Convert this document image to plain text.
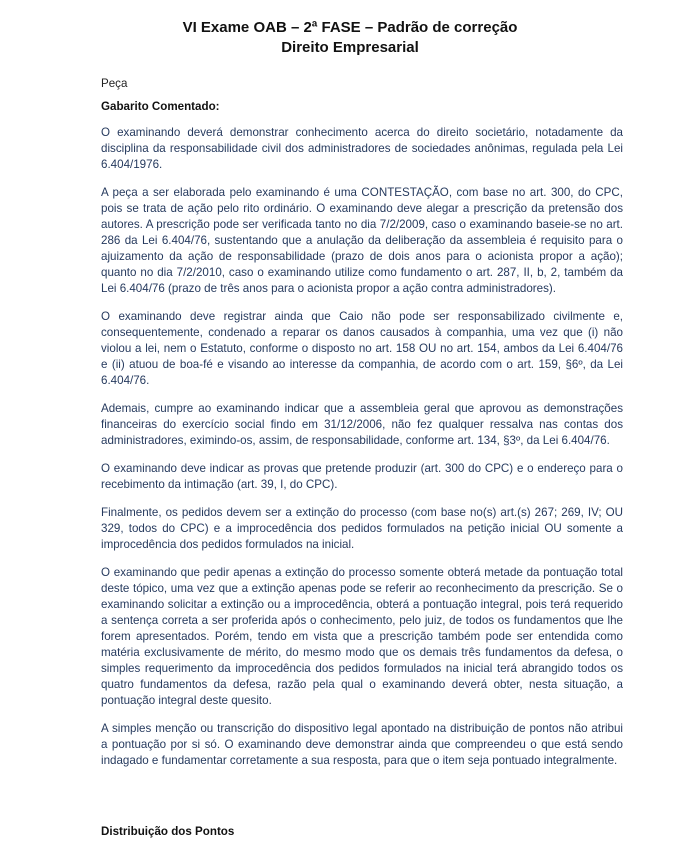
VI Exame OAB – 2ª FASE – Padrão de correção
Direito Empresarial
Peça
Gabarito Comentado:

O examinando deverá demonstrar conhecimento acerca do direito societário, notadamente da disciplina da responsabilidade civil dos administradores de sociedades anônimas, regulada pela Lei 6.404/1976.

A peça a ser elaborada pelo examinando é uma CONTESTAÇÃO, com base no art. 300, do CPC, pois se trata de ação pelo rito ordinário. O examinando deve alegar a prescrição da pretensão dos autores. A prescrição pode ser verificada tanto no dia 7/2/2009, caso o examinando baseie-se no art. 286 da Lei 6.404/76, sustentando que a anulação da deliberação da assembleia é requisito para o ajuizamento da ação de responsabilidade (prazo de dois anos para o acionista propor a ação); quanto no dia 7/2/2010, caso o examinando utilize como fundamento o art. 287, II, b, 2, também da Lei 6.404/76 (prazo de três anos para o acionista propor a ação contra administradores).

O examinando deve registrar ainda que Caio não pode ser responsabilizado civilmente e, consequentemente, condenado a reparar os danos causados à companhia, uma vez que (i) não violou a lei, nem o Estatuto, conforme o disposto no art. 158 OU no art. 154, ambos da Lei 6.404/76 e (ii) atuou de boa-fé e visando ao interesse da companhia, de acordo com o art. 159, §6º, da Lei 6.404/76.

Ademais, cumpre ao examinando indicar que a assembleia geral que aprovou as demonstrações financeiras do exercício social findo em 31/12/2006, não fez qualquer ressalva nas contas dos administradores, eximindo-os, assim, de responsabilidade, conforme art. 134, §3º, da Lei 6.404/76.

O examinando deve indicar as provas que pretende produzir (art. 300 do CPC) e o endereço para o recebimento da intimação (art. 39, I, do CPC).

Finalmente, os pedidos devem ser a extinção do processo (com base no(s) art.(s) 267; 269, IV; OU 329, todos do CPC) e a improcedência dos pedidos formulados na petição inicial OU somente a improcedência dos pedidos formulados na inicial.

O examinando que pedir apenas a extinção do processo somente obterá metade da pontuação total deste tópico, uma vez que a extinção apenas pode se referir ao reconhecimento da prescrição. Se o examinando solicitar a extinção ou a improcedência, obterá a pontuação integral, pois terá requerido a sentença correta a ser proferida após o conhecimento, pelo juiz, de todos os fundamentos que lhe forem apresentados. Porém, tendo em vista que a prescrição também pode ser entendida como matéria exclusivamente de mérito, do mesmo modo que os demais três fundamentos da defesa, o simples requerimento da improcedência dos pedidos formulados na inicial terá abrangido todos os quatro fundamentos da defesa, razão pela qual o examinando deverá obter, nesta situação, a pontuação integral deste quesito.

A simples menção ou transcrição do dispositivo legal apontado na distribuição de pontos não atribui a pontuação por si só. O examinando deve demonstrar ainda que compreendeu o que está sendo indagado e fundamentar corretamente a sua resposta, para que o item seja pontuado integralmente.

Distribuição dos Pontos
